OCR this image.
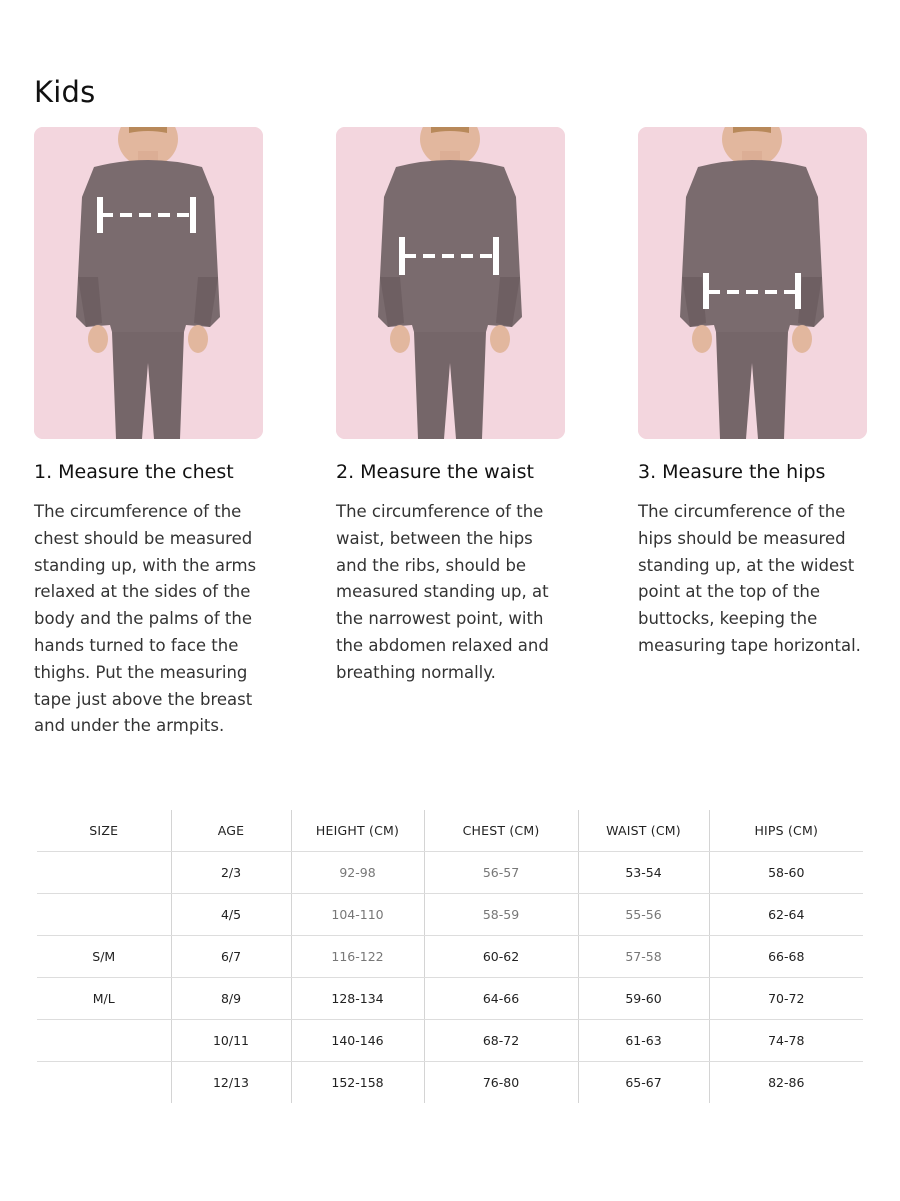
Kids
1. Measure the chest
The circumference of the chest should be measured standing up, with the arms relaxed at the sides of the body and the palms of the hands turned to face the thighs. Put the measuring tape just above the breast and under the armpits.
2. Measure the waist
The circumference of the waist, between the hips and the ribs, should be measured standing up, at the narrowest point, with the abdomen relaxed and breathing normally.
3. Measure the hips
The circumference of the hips should be measured standing up, at the widest point at the top of the buttocks, keeping the measuring tape horizontal.
SIZE	AGE	HEIGHT (CM)	CHEST (CM)	WAIST (CM)	HIPS (CM)
	2/3	92-98	56-57	53-54	58-60
	4/5	104-110	58-59	55-56	62-64
S/M	6/7	116-122	60-62	57-58	66-68
M/L	8/9	128-134	64-66	59-60	70-72
	10/11	140-146	68-72	61-63	74-78
	12/13	152-158	76-80	65-67	82-86
